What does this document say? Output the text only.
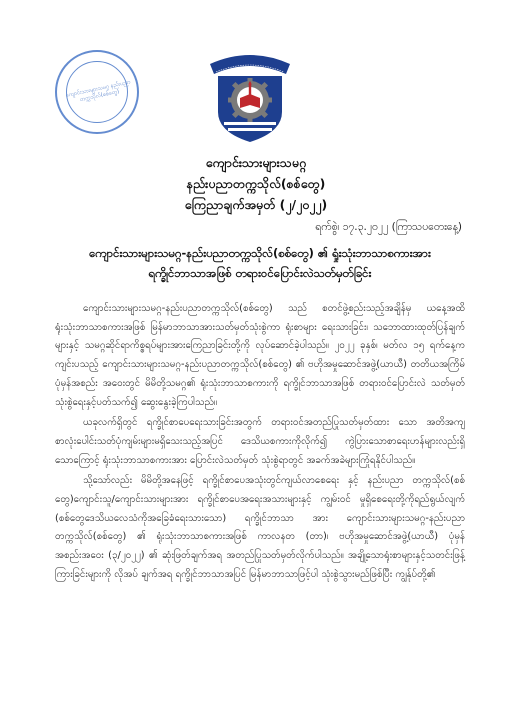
ကျောင်းသားများသမဂ္ဂ နည်းပညာတက္ကသိုလ်(စစ်တွေ)
ကျောင်းသားများသမဂ္ဂ
နည်းပညာတက္ကသိုလ်(စစ်တွေ)
ကြေညာချက်အမှတ် (၂/၂၀၂၂)
ရက်စွဲ၊ ၁၇.၃.၂၀၂၂ (ကြာသပတေးနေ့)
ကျောင်းသားများသမဂ္ဂ-နည်းပညာတက္ကသိုလ်(စစ်တွေ) ၏ ရှုံးသုံးဘာသာစကားအား
ရက္ခိုင်ဘာသာအဖြစ် တရားဝင်ပြောင်းလဲသတ်မှတ်ခြင်း

ကျောင်းသားများသမဂ္ဂ-နည်းပညာတက္ကသိုလ်(စစ်တွေ) သည် စတင်ဖွဲ့စည်းသည့်အချိန်မှ ယနေ့အထိ ရုံးသုံးဘာသာစကားအဖြစ် မြန်မာဘာသာအားသတ်မှတ်သုံးစွဲကာ ရုံးစာများ ရေးသားခြင်း၊ သဘောထားထုတ်ပြန်ချက်များနှင့် သမဂ္ဂဆိုင်ရာကိစ္စရပ်များအားကြေညာခြင်းတို့ကို လုပ်ဆောင်ခဲ့ပါသည်။ ၂၀၂၂ ခုနှစ်၊ မတ်လ ၁၅ ရက်နေ့ကကျင်းပသည့် ကျောင်းသားများသမဂ္ဂ-နည်းပညာတက္ကသိုလ်(စစ်တွေ) ၏ ဗဟိုအမှုဆောင်အဖွဲ့(ယာယီ) တတိယအကြိမ်ပုံမှန်အစည်း အဝေးတွင် မိမိတို့သမဂ္ဂ၏ ရုံးသုံးဘာသာစကားကို ရက္ခိုင်ဘာသာအဖြစ် တရားဝင်ပြောင်းလဲ သတ်မှတ်သုံးစွဲရေးနှင့်ပတ်သက်၍ ဆွေးနွေးခဲ့ကြပါသည်။

ယခုလက်ရှိတွင် ရက္ခိုင်စာပေရေးသားခြင်းအတွက် တရားဝင်အတည်ပြုသတ်မှတ်ထား သော အတိအကျစာလုံးပေါင်းသတ်ပုံကျမ်းများမရှိသေးသည့်အပြင် ဒေသိယစကားကိုလိုက်၍ ကွဲပြားသောစာရေးဟန်များလည်းရှိသောကြောင့် ရုံးသုံးဘာသာစကားအား ပြောင်းလဲသတ်မှတ် သုံးစွဲရာတွင် အခက်အခဲများကြုံရနိုင်ပါသည်။

သို့သော်လည်း မိမိတို့အနေဖြင့် ရက္ခိုင်စာပေအသုံးတွင်ကျယ်လာစေရေး နှင့် နည်းပညာ တက္ကသိုလ်(စစ်တွေ)ကျောင်းသူ/ကျောင်းသားများအား ရက္ခိုင်စာပေအရေးအသားများနှင့် ကျွမ်းဝင် မှုရှိစေရေးတို့ကိုရည်ရွယ်လျက် (စစ်တွေဒေသိယလေသံကိုအခြေခံရေးသားသော) ရက္ခိုင်ဘာသာ အား ကျောင်းသားများသမဂ္ဂ-နည်းပညာတက္ကသိုလ်(စစ်တွေ) ၏ ရုံးသုံးဘာသာစကားအဖြစ် ကာလနတ (တာ)၊ ဗဟိုအမှုဆောင်အဖွဲ့(ယာယီ) ပုံမှန်အစည်းအဝေး (၃/၂၀၂၂) ၏ ဆုံးဖြတ်ချက်အရ အတည်ပြုသတ်မှတ်လိုက်ပါသည်။ အချို့သောရုံးစာများနှင့်သတင်းဖြန့်ကြားခြင်းများကို လိုအပ် ချက်အရ ရက္ခိုင်ဘာသာအပြင် မြန်မာဘာသာဖြင့်ပါ သုံးစွဲသွားမည်ဖြစ်ပြီး ကျွန်ုပ်တို့၏
